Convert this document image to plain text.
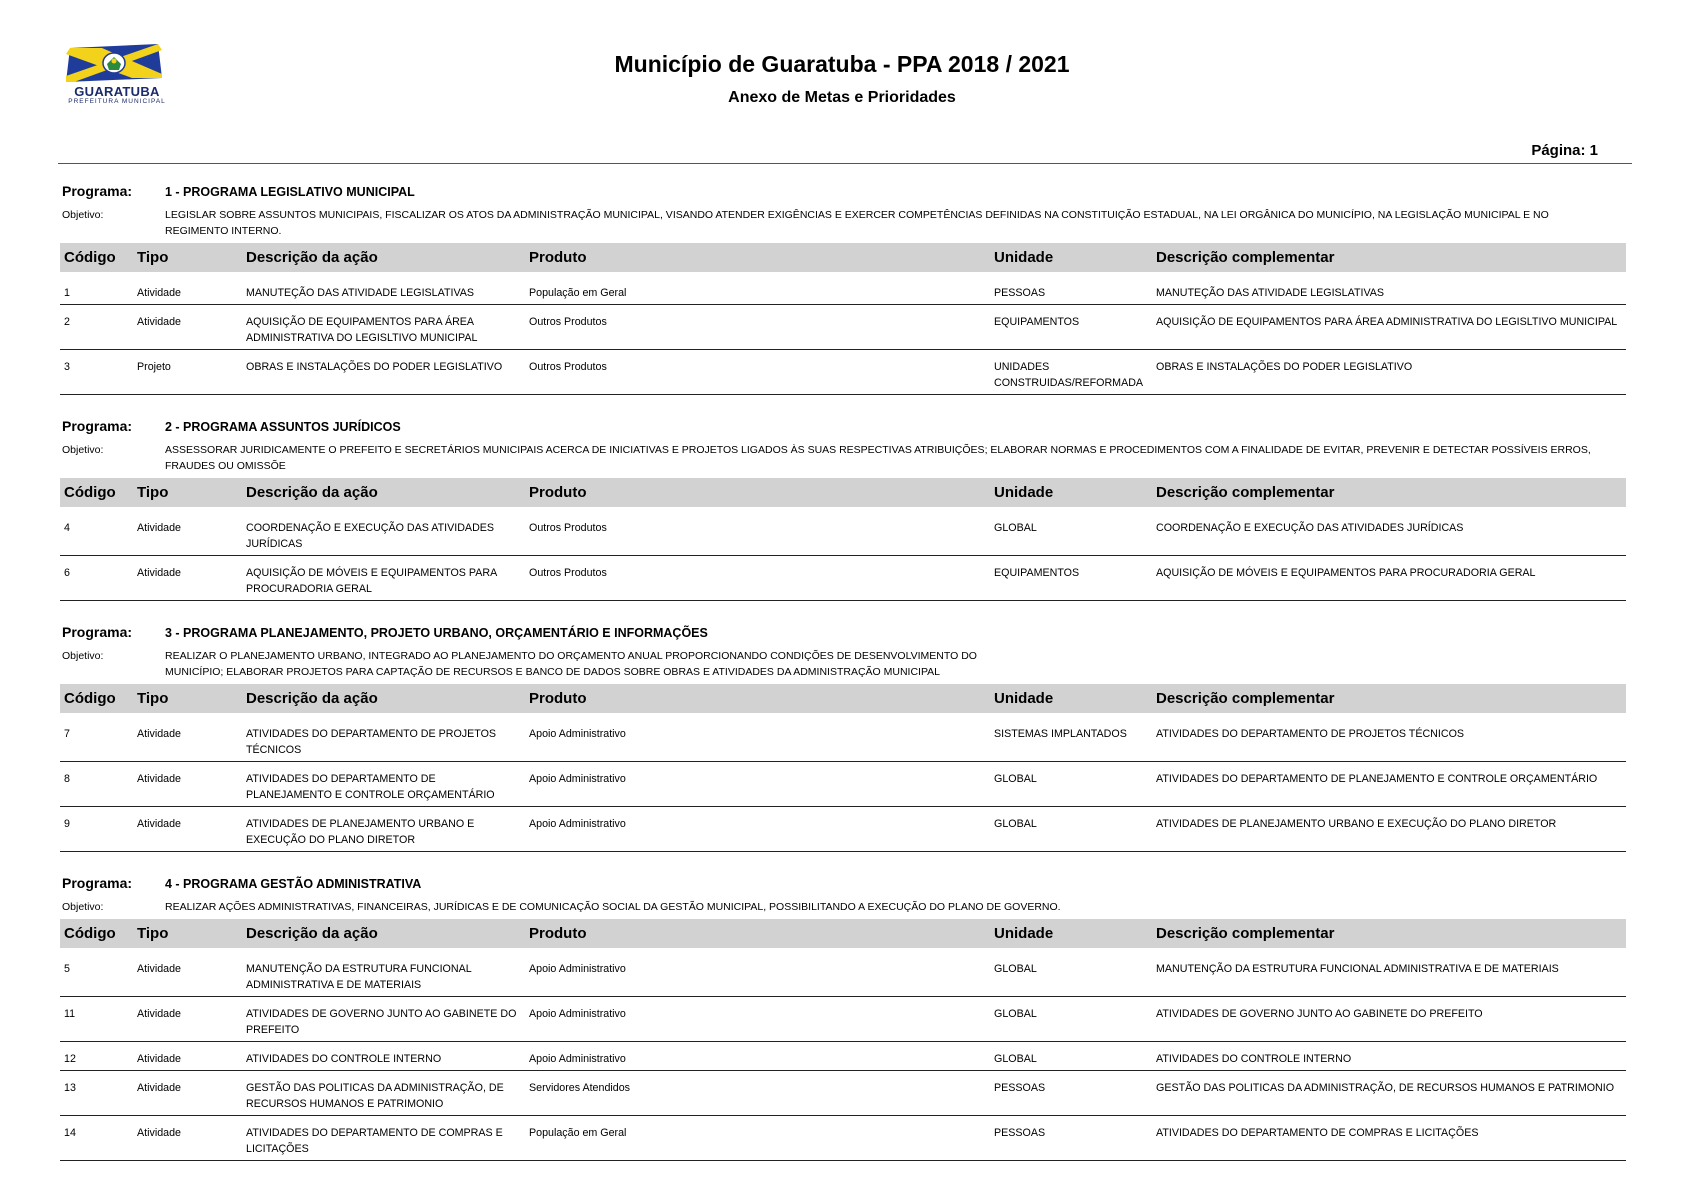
GUARATUBA
PREFEITURA MUNICIPAL
Município de Guaratuba - PPA 2018 / 2021
Anexo de Metas e Prioridades
Página: 1
Programa:	1 - PROGRAMA LEGISLATIVO MUNICIPAL
Objetivo:	LEGISLAR SOBRE ASSUNTOS MUNICIPAIS, FISCALIZAR OS ATOS DA ADMINISTRAÇÃO MUNICIPAL, VISANDO ATENDER EXIGÊNCIAS E EXERCER COMPETÊNCIAS DEFINIDAS NA CONSTITUIÇÃO ESTADUAL, NA LEI ORGÂNICA DO MUNICÍPIO, NA LEGISLAÇÃO MUNICIPAL E NO REGIMENTO INTERNO.
Código	Tipo	Descrição da ação	Produto	Unidade	Descrição complementar
1	Atividade	MANUTEÇÃO DAS ATIVIDADE LEGISLATIVAS	População em Geral	PESSOAS	MANUTEÇÃO DAS ATIVIDADE LEGISLATIVAS
2	Atividade	AQUISIÇÃO DE EQUIPAMENTOS PARA ÁREA ADMINISTRATIVA DO LEGISLTIVO MUNICIPAL	Outros Produtos	EQUIPAMENTOS	AQUISIÇÃO DE EQUIPAMENTOS PARA ÁREA ADMINISTRATIVA DO LEGISLTIVO MUNICIPAL
3	Projeto	OBRAS E INSTALAÇÕES DO PODER LEGISLATIVO	Outros Produtos	UNIDADES CONSTRUIDAS/REFORMADA	OBRAS E INSTALAÇÕES DO PODER LEGISLATIVO
Programa:	2 - PROGRAMA ASSUNTOS JURÍDICOS
Objetivo:	ASSESSORAR JURIDICAMENTE O PREFEITO E SECRETÁRIOS MUNICIPAIS ACERCA DE INICIATIVAS E PROJETOS LIGADOS ÀS SUAS RESPECTIVAS ATRIBUIÇÕES; ELABORAR NORMAS E PROCEDIMENTOS COM A FINALIDADE DE EVITAR, PREVENIR E DETECTAR POSSÍVEIS ERROS, FRAUDES OU OMISSÕE
Código	Tipo	Descrição da ação	Produto	Unidade	Descrição complementar
4	Atividade	COORDENAÇÃO E EXECUÇÃO DAS ATIVIDADES JURÍDICAS	Outros Produtos	GLOBAL	COORDENAÇÃO E EXECUÇÃO DAS ATIVIDADES JURÍDICAS
6	Atividade	AQUISIÇÃO DE MÓVEIS E EQUIPAMENTOS PARA PROCURADORIA GERAL	Outros Produtos	EQUIPAMENTOS	AQUISIÇÃO DE MÓVEIS E EQUIPAMENTOS PARA PROCURADORIA GERAL
Programa:	3 - PROGRAMA PLANEJAMENTO, PROJETO URBANO, ORÇAMENTÁRIO E INFORMAÇÕES
Objetivo:	REALIZAR O PLANEJAMENTO URBANO, INTEGRADO AO PLANEJAMENTO DO ORÇAMENTO ANUAL PROPORCIONANDO CONDIÇÕES DE DESENVOLVIMENTO DO MUNICÍPIO; ELABORAR PROJETOS PARA CAPTAÇÃO DE RECURSOS E BANCO DE DADOS SOBRE OBRAS E ATIVIDADES DA ADMINISTRAÇÃO MUNICIPAL
Código	Tipo	Descrição da ação	Produto	Unidade	Descrição complementar
7	Atividade	ATIVIDADES DO DEPARTAMENTO DE PROJETOS TÉCNICOS	Apoio Administrativo	SISTEMAS IMPLANTADOS	ATIVIDADES DO DEPARTAMENTO DE PROJETOS TÉCNICOS
8	Atividade	ATIVIDADES DO DEPARTAMENTO DE PLANEJAMENTO E CONTROLE ORÇAMENTÁRIO	Apoio Administrativo	GLOBAL	ATIVIDADES DO DEPARTAMENTO DE PLANEJAMENTO E CONTROLE ORÇAMENTÁRIO
9	Atividade	ATIVIDADES DE PLANEJAMENTO URBANO E EXECUÇÃO DO PLANO DIRETOR	Apoio Administrativo	GLOBAL	ATIVIDADES DE PLANEJAMENTO URBANO E EXECUÇÃO DO PLANO DIRETOR
Programa:	4 - PROGRAMA GESTÃO ADMINISTRATIVA
Objetivo:	REALIZAR AÇÕES ADMINISTRATIVAS, FINANCEIRAS, JURÍDICAS E DE COMUNICAÇÃO SOCIAL DA GESTÃO MUNICIPAL, POSSIBILITANDO A EXECUÇÃO DO PLANO DE GOVERNO.
Código	Tipo	Descrição da ação	Produto	Unidade	Descrição complementar
5	Atividade	MANUTENÇÃO DA ESTRUTURA FUNCIONAL ADMINISTRATIVA E DE MATERIAIS	Apoio Administrativo	GLOBAL	MANUTENÇÃO DA ESTRUTURA FUNCIONAL ADMINISTRATIVA E DE MATERIAIS
11	Atividade	ATIVIDADES DE GOVERNO JUNTO AO GABINETE DO PREFEITO	Apoio Administrativo	GLOBAL	ATIVIDADES DE GOVERNO JUNTO AO GABINETE DO PREFEITO
12	Atividade	ATIVIDADES DO CONTROLE INTERNO	Apoio Administrativo	GLOBAL	ATIVIDADES DO CONTROLE INTERNO
13	Atividade	GESTÃO DAS POLITICAS DA ADMINISTRAÇÃO, DE RECURSOS HUMANOS E PATRIMONIO	Servidores Atendidos	PESSOAS	GESTÃO DAS POLITICAS DA ADMINISTRAÇÃO, DE RECURSOS HUMANOS E PATRIMONIO
14	Atividade	ATIVIDADES DO DEPARTAMENTO DE COMPRAS E LICITAÇÕES	População em Geral	PESSOAS	ATIVIDADES DO DEPARTAMENTO DE COMPRAS E LICITAÇÕES
